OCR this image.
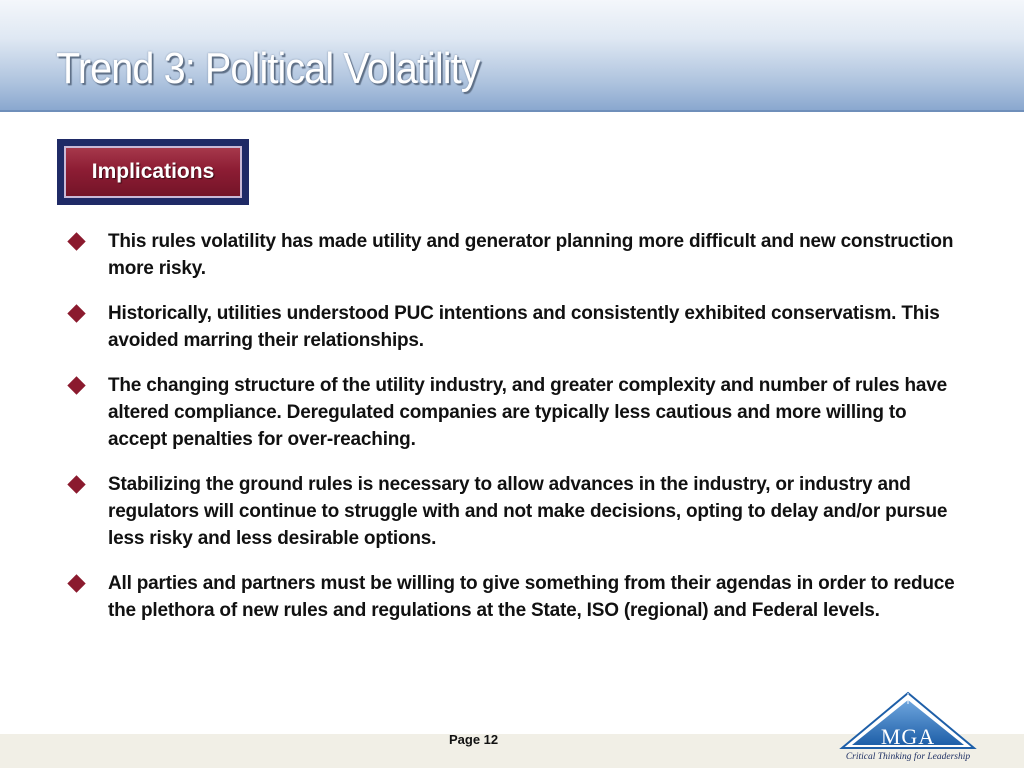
Trend 3: Political Volatility
Implications
This rules volatility has made utility and generator planning more difficult and new construction more risky.
Historically, utilities understood PUC intentions and consistently exhibited conservatism. This avoided marring their relationships.
The changing structure of the utility industry, and greater complexity and number of rules have altered compliance. Deregulated companies are typically less cautious and more willing to accept penalties for over-reaching.
Stabilizing the ground rules is necessary to allow advances in the industry, or industry and regulators will continue to struggle with and not make decisions, opting to delay and/or pursue less risky and less desirable options.
All parties and partners must be willing to give something from their agendas in order to reduce the plethora of new rules and regulations at the State, ISO (regional) and Federal levels.
Page 12	MGA
Critical Thinking for Leadership
